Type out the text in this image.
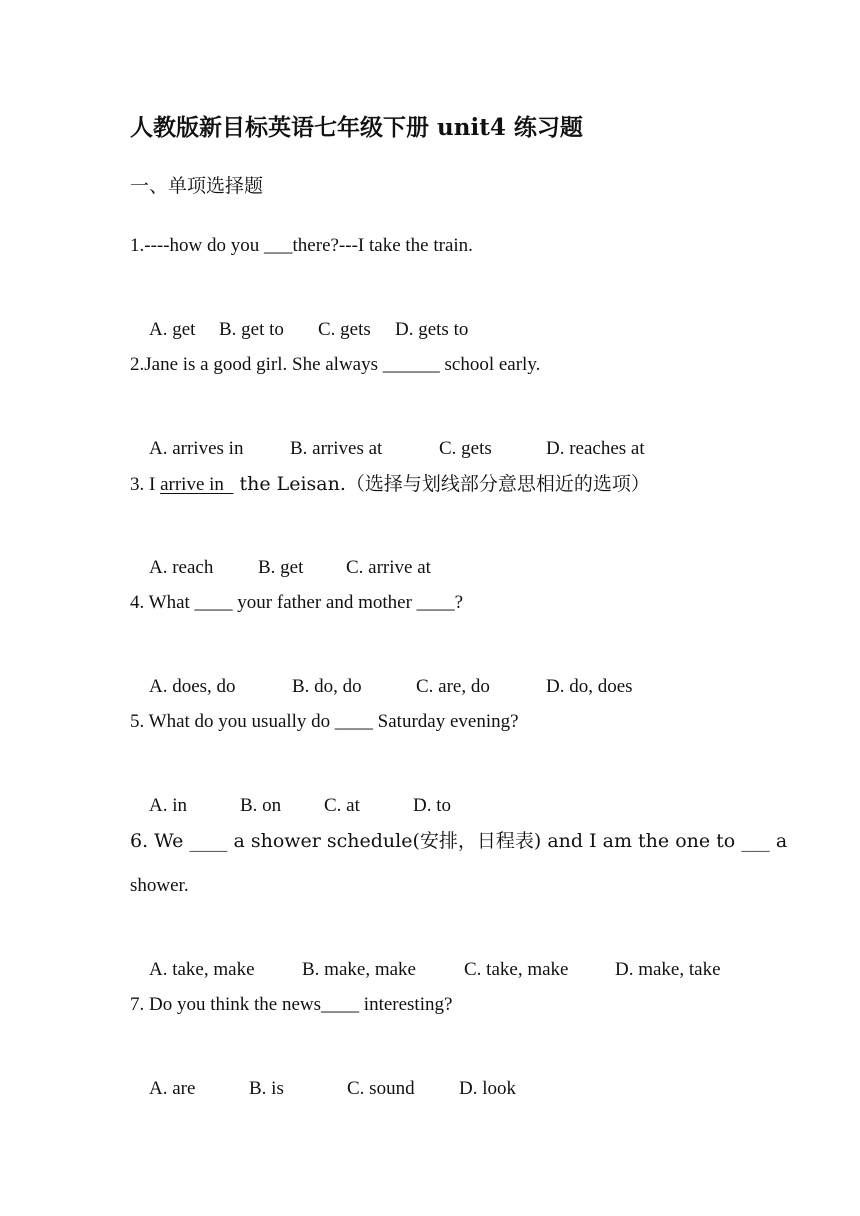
人教版新目标英语七年级下册 unit4 练习题
一、单项选择题
1.----how do you ___there?---I take the train.

A. get B. get to C. gets D. gets to

2.Jane is a good girl. She always ______ school early.

A. arrives in B. arrives at	C. gets	D. reaches at

3. I arrive in   the Leisan.（选择与划线部分意思相近的选项）

A. reach B. get C. arrive at

4. What ____ your father and mother ____?

A. does, do	B. do, do	C. are, do	D. do, does

5. What do you usually do ____ Saturday evening?

A. in	B. on C. at	D. to

6. We ____ a shower schedule(安排，日程表) and I am the one to ___ a
shower.

A. take, make B. make, make	C. take, make D. make, take

7. Do you think the news____ interesting?

A. are	B. is	C. sound D. look
